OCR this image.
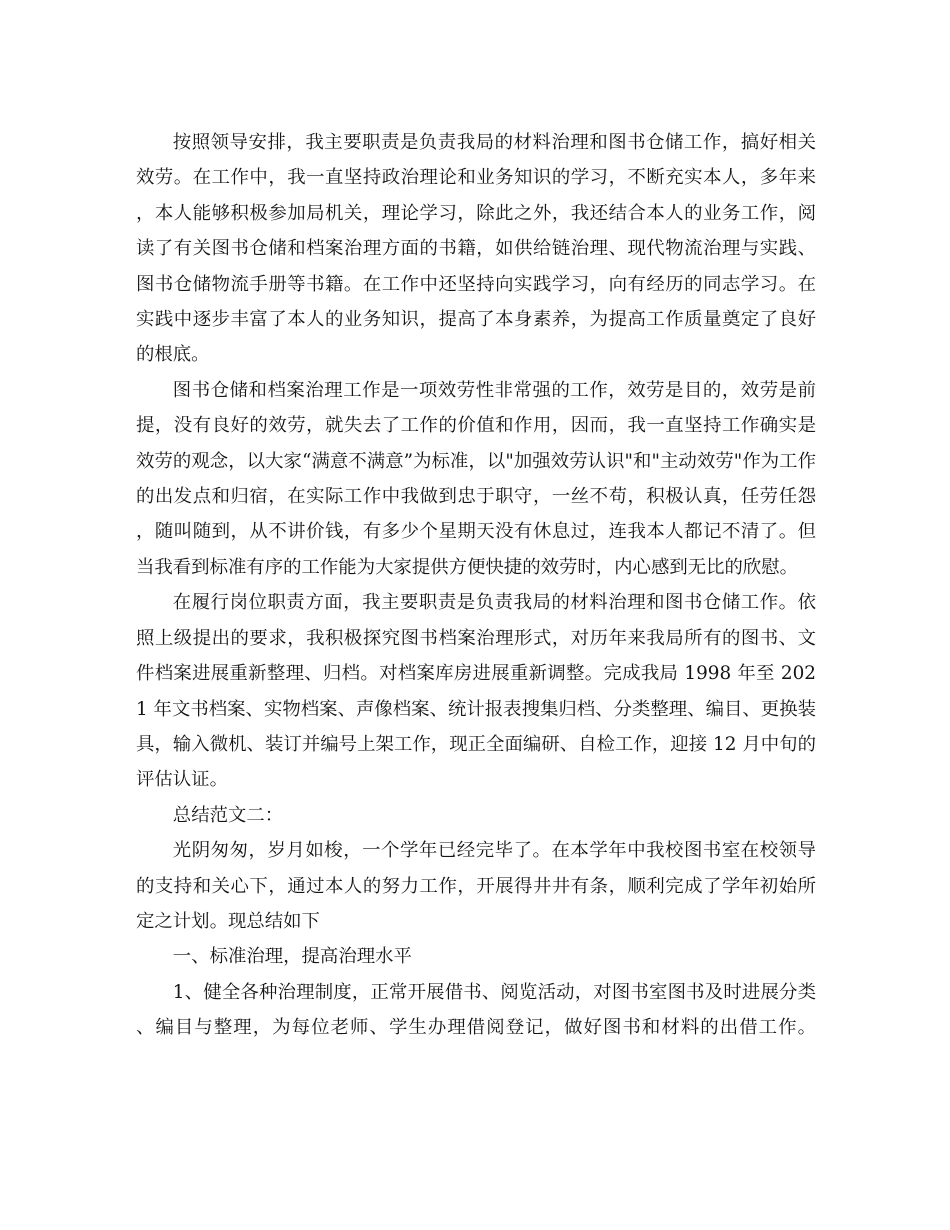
按照领导安排，我主要职责是负责我局的材料治理和图书仓储工作，搞好相关效劳。在工作中，我一直坚持政治理论和业务知识的学习，不断充实本人，多年来，本人能够积极参加局机关，理论学习，除此之外，我还结合本人的业务工作，阅读了有关图书仓储和档案治理方面的书籍，如供给链治理、现代物流治理与实践、图书仓储物流手册等书籍。在工作中还坚持向实践学习，向有经历的同志学习。在实践中逐步丰富了本人的业务知识，提高了本身素养，为提高工作质量奠定了良好的根底。

图书仓储和档案治理工作是一项效劳性非常强的工作，效劳是目的，效劳是前提，没有良好的效劳，就失去了工作的价值和作用，因而，我一直坚持工作确实是效劳的观念，以大家“满意不满意”为标准，以"加强效劳认识"和"主动效劳"作为工作的出发点和归宿，在实际工作中我做到忠于职守，一丝不苟，积极认真，任劳任怨，随叫随到，从不讲价钱，有多少个星期天没有休息过，连我本人都记不清了。但当我看到标准有序的工作能为大家提供方便快捷的效劳时，内心感到无比的欣慰。

在履行岗位职责方面，我主要职责是负责我局的材料治理和图书仓储工作。依照上级提出的要求，我积极探究图书档案治理形式，对历年来我局所有的图书、文件档案进展重新整理、归档。对档案库房进展重新调整。完成我局 1998 年至 2021 年文书档案、实物档案、声像档案、统计报表搜集归档、分类整理、编目、更换装具，输入微机、装订并编号上架工作，现正全面编研、自检工作，迎接 12 月中旬的评估认证。

总结范文二：

光阴匆匆，岁月如梭，一个学年已经完毕了。在本学年中我校图书室在校领导的支持和关心下，通过本人的努力工作，开展得井井有条，顺利完成了学年初始所定之计划。现总结如下

一、标准治理，提高治理水平

1、健全各种治理制度，正常开展借书、阅览活动，对图书室图书及时进展分类、编目与整理，为每位老师、学生办理借阅登记，做好图书和材料的出借工作。
